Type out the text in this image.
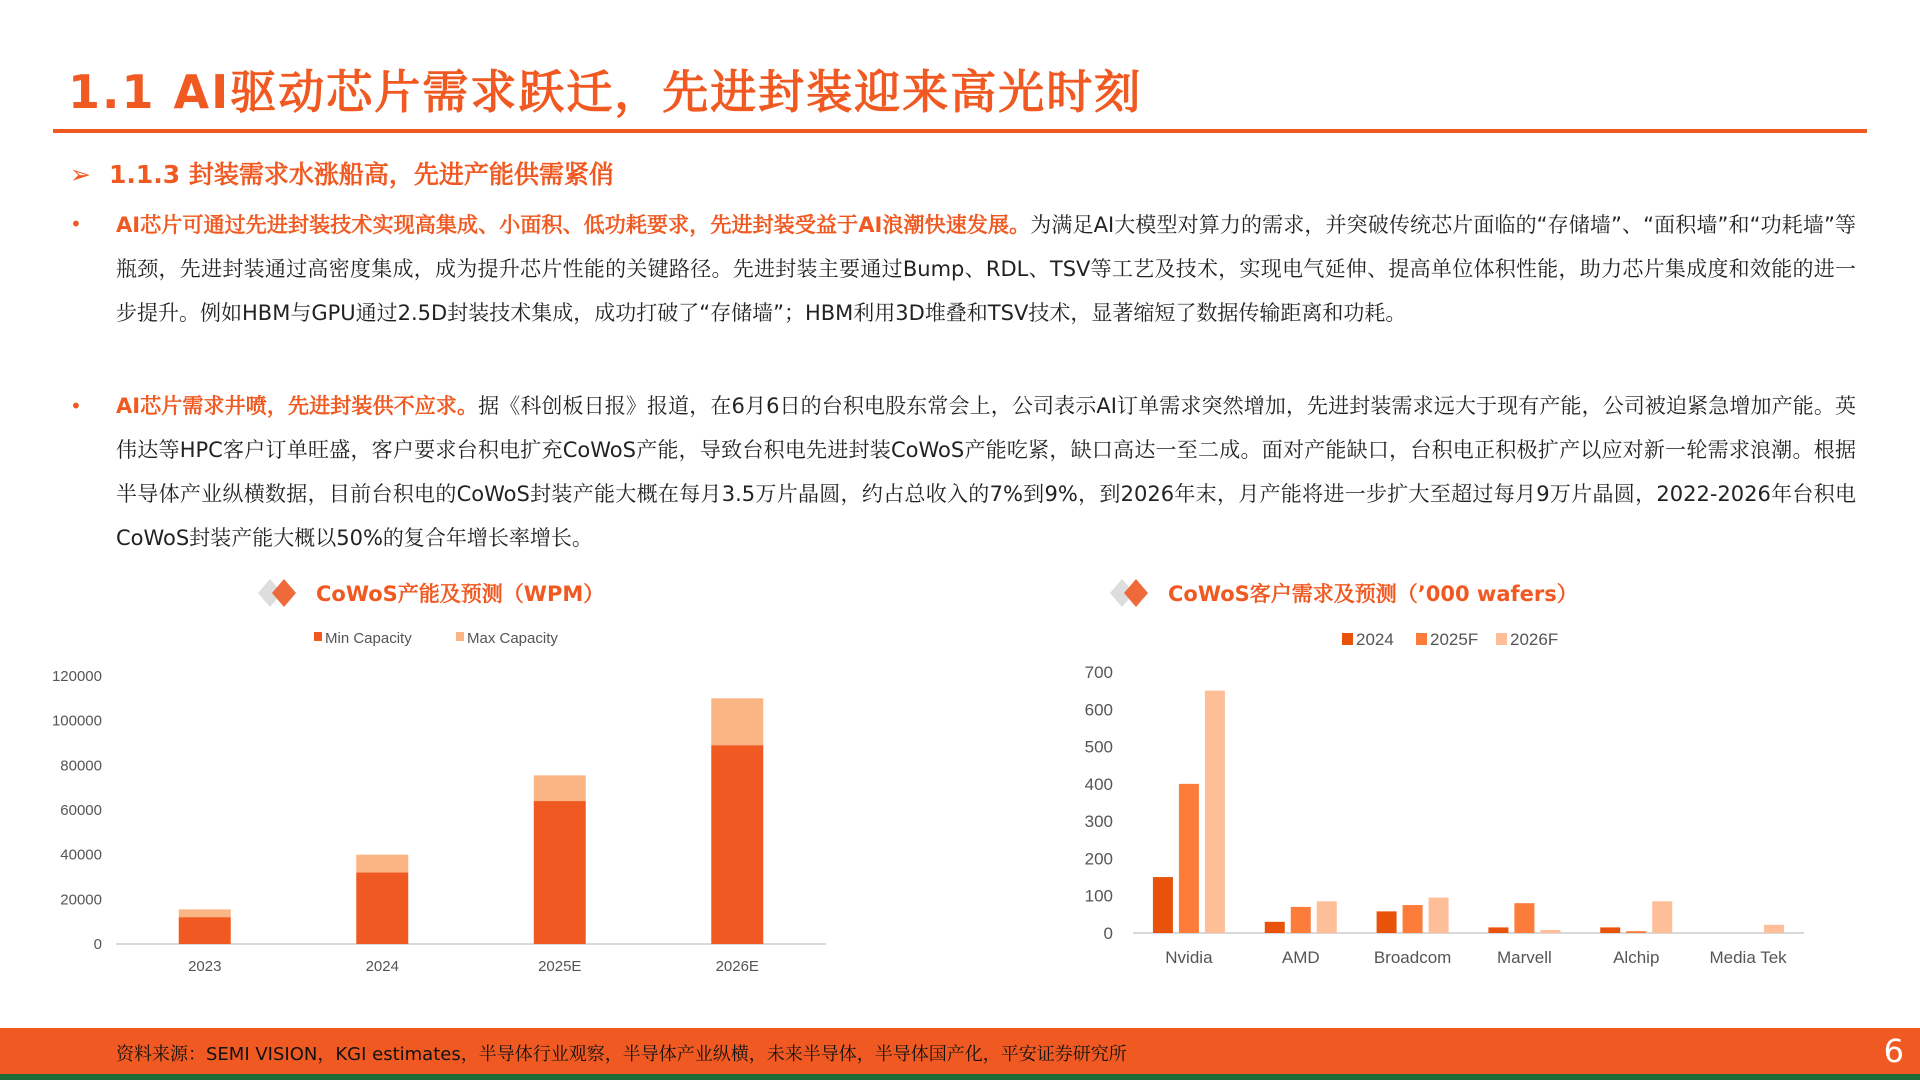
1.1 AI驱动芯片需求跃迁，先进封装迎来高光时刻
➢ 1.1.3 封装需求水涨船高，先进产能供需紧俏
• AI芯片可通过先进封装技术实现高集成、小面积、低功耗要求，先进封装受益于AI浪潮快速发展。为满足AI大模型对算力的需求，并突破传统芯片面临的“存储墙”、“面积墙”和“功耗墙”等瓶颈，先进封装通过高密度集成，成为提升芯片性能的关键路径。先进封装主要通过Bump、RDL、TSV等工艺及技术，实现电气延伸、提高单位体积性能，助力芯片集成度和效能的进一步提升。例如HBM与GPU通过2.5D封装技术集成，成功打破了“存储墙”；HBM利用3D堆叠和TSV技术，显著缩短了数据传输距离和功耗。
• AI芯片需求井喷，先进封装供不应求。据《科创板日报》报道，在6月6日的台积电股东常会上，公司表示AI订单需求突然增加，先进封装需求远大于现有产能，公司被迫紧急增加产能。英伟达等HPC客户订单旺盛，客户要求台积电扩充CoWoS产能，导致台积电先进封装CoWoS产能吃紧，缺口高达一至二成。面对产能缺口，台积电正积极扩产以应对新一轮需求浪潮。根据半导体产业纵横数据，目前台积电的CoWoS封装产能大概在每月3.5万片晶圆，约占总收入的7%到9%，到2026年末，月产能将进一步扩大至超过每月9万片晶圆，2022-2026年台积电CoWoS封装产能大概以50%的复合年增长率增长。
CoWoS产能及预测（WPM）	CoWoS客户需求及预测（’000 wafers）
0
20000
40000
60000
80000
100000
120000
2023	2024	2025E	2026E
Min Capacity	Max Capacity
0
100
200
300
400
500
600
700
Nvidia	AMD	Broadcom	Marvell	Alchip	Media Tek
2024 2025F 2026F
资料来源：SEMI VISION，KGI estimates，半导体行业观察，半导体产业纵横，未来半导体，半导体国产化，平安证券研究所	6
